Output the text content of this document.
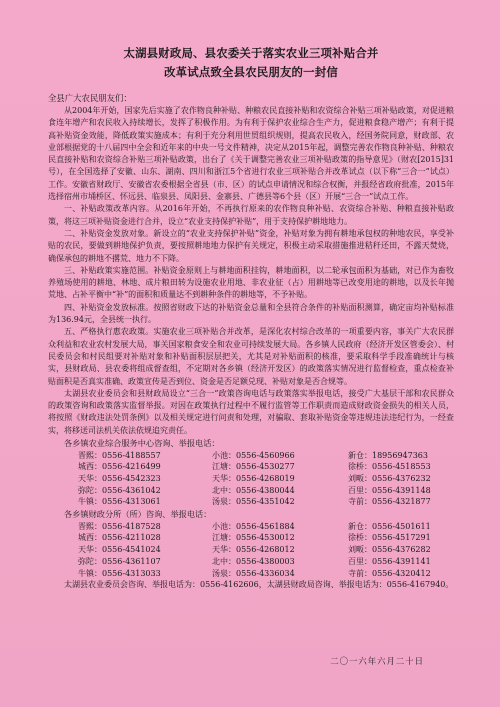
太湖县财政局、县农委关于落实农业三项补贴合并

改革试点致全县农民朋友的一封信

全县广大农民朋友们：

从2004年开始，国家先后实施了农作物良种补贴、种粮农民直接补贴和农资综合补贴三项补贴政策，对促进粮食连年增产和农民收入持续增长，发挥了积极作用。为有利于保护农业综合生产力，促进粮食稳产增产；有利于提高补贴资金效能，降低政策实施成本；有利于充分利用世贸组织规则，提高农民收入，经国务院同意，财政部、农业部根据党的十八届四中全会和近年来的中央一号文件精神，决定从2015年起，调整完善农作物良种补贴、种粮农民直接补贴和农资综合补贴三项补贴政策，出台了《关于调整完善农业三项补贴政策的指导意见》（财农[2015]31号），在全国选择了安徽、山东、湖南、四川和浙江5个省进行农业三项补贴合并改革试点（以下称“三合一”试点）工作。安徽省财政厅、安徽省农委根据全省县（市、区）的试点申请情况和综合权衡，并报经省政府批准，2015年选择宿州市埇桥区、怀远县、临泉县、凤阳县、金寨县、广德县等6个县（区）开展“三合一”试点工作。

一、补贴政策改革内容。从2016年开始，不再执行原来的农作物良种补贴、农资综合补贴、种粮直接补贴政策，将这三项补贴资金进行合并，设立“农业支持保护补贴”，用于支持保护耕地地力。

二、补贴资金发放对象。新设立的“农业支持保护补贴”资金，补贴对象为拥有耕地承包权的种地农民，享受补贴的农民，要做到耕地保护负责，要按照耕地地力保护有关规定，积极主动采取措施推进秸秆还田，不露天焚烧，确保承包的耕地不撂荒、地力不下降。

三、补贴政策实施范围。补贴资金原则上与耕地面积挂钩，耕地面积，以二轮承包面积为基础，对已作为畜牧养殖场使用的耕地、林地、成片粮田转为设施农业用地、非农业征（占）用耕地等已改变用途的耕地，以及长年抛荒地、占补平衡中“补”的面积和质量达不到耕种条件的耕地等，不予补贴。

四、补贴资金发放标准。按照省财政下达的补贴资金总量和全县符合条件的补贴面积测算，确定亩均补贴标准为136.94元，全县统一执行。

五、严格执行惠农政策。实施农业三项补贴合并改革，是深化农村综合改革的一项重要内容，事关广大农民群众利益和农业农村发展大局，事关国家粮食安全和农业可持续发展大局。各乡镇人民政府（经济开发区管委会）、村民委员会和村民组要对补贴对象和补贴面积层层把关，尤其是对补贴面积的核准，要采取科学手段准确统计与核实，县财政局、县农委将组成督查组，不定期对各乡镇（经济开发区）的政策落实情况进行监督检查，重点检查补贴面积是否真实准确、政策宣传是否到位、资金是否足额兑现、补贴对象是否合规等。

太湖县农业委员会和县财政局设立“三合一”政策咨询电话与政策落实举报电话，接受广大基层干部和农民群众的政策咨询和政策落实监督举报。对因在政策执行过程中不履行监管等工作职责而造成财政资金损失的相关人员，将按照《财政违法处罚条例》以及相关规定进行问责和处理，对骗取、套取补贴资金等违规违法违纪行为，一经查实，将移送司法机关依法依规追究责任。

各乡镇农业综合服务中心咨询、举报电话：

晋熙：0556-4188557	小池：0556-4560966	新仓：18956947363
城西：0556-4216499	江塘：0556-4530277	徐桥：0556-4518553
天华：0556-4542323	天华：0556-4268019	刘畈：0556-4376232
弥陀：0556-4361042	北中：0556-4380044	百里：0556-4391148
牛镇：0556-4313061	汤泉：0556-4351042	寺前：0556-4321877

各乡镇财政分所（所）咨询、举报电话：

晋熙：0556-4187528	小池：0556-4561884	新仓：0556-4501611
城西：0556-4211028	江塘：0556-4530012	徐桥：0556-4517291
天华：0556-4541024	天华：0556-4268012	刘畈：0556-4376282
弥陀：0556-4361107	北中：0556-4380003	百里：0556-4391141
牛镇：0556-4313033	汤泉：0556-4336034	寺前：0556-4320412

太湖县农业委员会咨询、举报电话为：0556-4162606，太湖县财政局咨询、举报电话为：0556-4167940。

二〇一六年六月二十日
